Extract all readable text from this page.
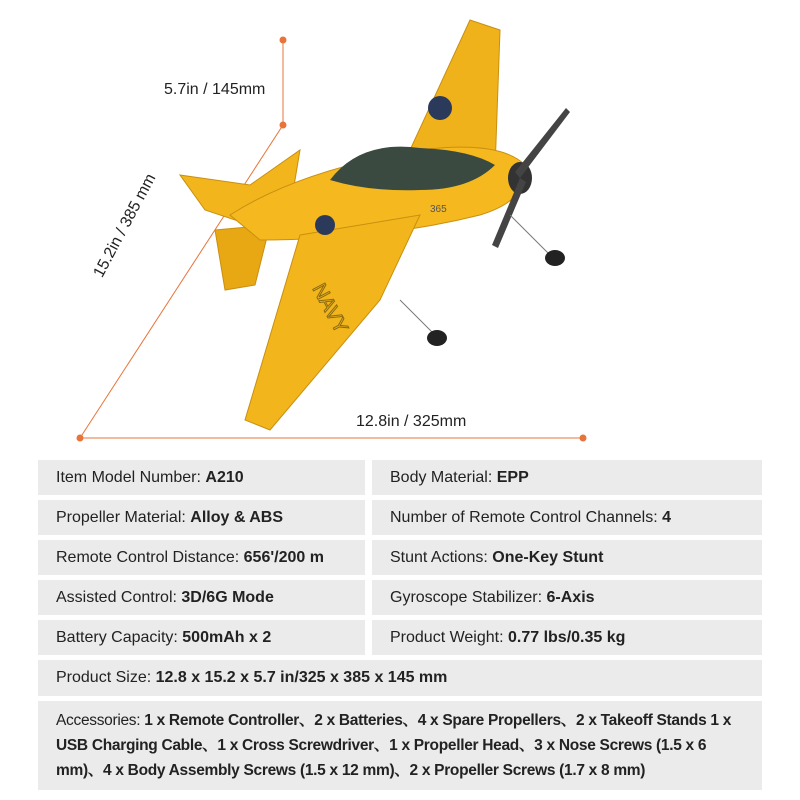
365
NAVY
5.7in / 145mm
15.2in / 385 mm
12.8in / 325mm
Item Model Number: A210	Body Material: EPP
Propeller Material: Alloy & ABS	Number of Remote Control Channels: 4
Remote Control Distance: 656'/200 m	Stunt Actions: One-Key Stunt
Assisted Control: 3D/6G Mode	Gyroscope Stabilizer: 6-Axis
Battery Capacity: 500mAh x 2	Product Weight: 0.77 lbs/0.35 kg
Product Size: 12.8 x 15.2 x 5.7 in/325 x 385 x 145 mm
Accessories: 1 x Remote Controller、2 x Batteries、4 x Spare Propellers、2 x Takeoff Stands 1 x USB Charging Cable、1 x Cross Screwdriver、1 x Propeller Head、3 x Nose Screws (1.5 x 6 mm)、4 x Body Assembly Screws (1.5 x 12 mm)、2 x Propeller Screws (1.7 x 8 mm)
